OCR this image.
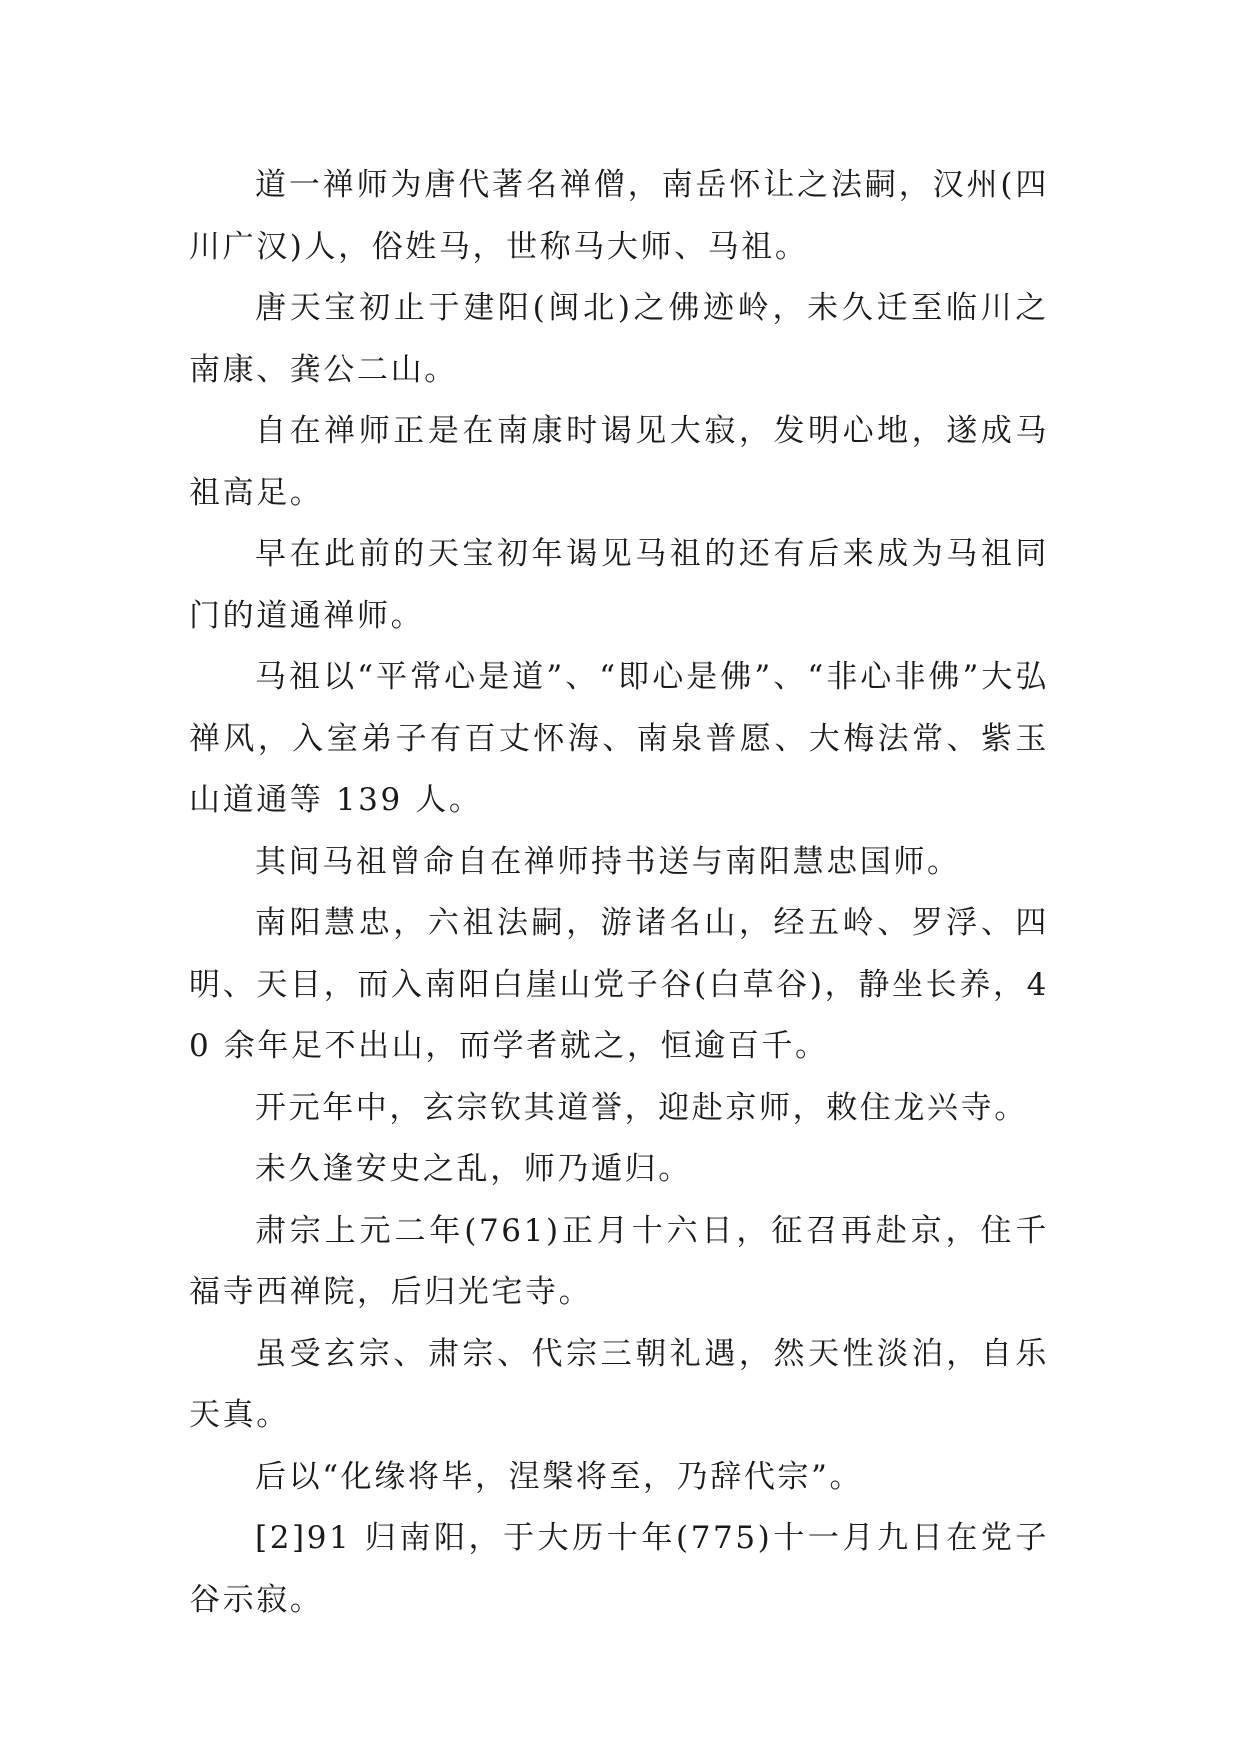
道一禅师为唐代著名禅僧，南岳怀让之法嗣，汉州(四川广汉)人，俗姓马，世称马大师、马祖。

唐天宝初止于建阳(闽北)之佛迹岭，未久迁至临川之南康、龚公二山。

自在禅师正是在南康时谒见大寂，发明心地，遂成马祖高足。

早在此前的天宝初年谒见马祖的还有后来成为马祖同门的道通禅师。

马祖以“平常心是道”、“即心是佛”、“非心非佛”大弘禅风，入室弟子有百丈怀海、南泉普愿、大梅法常、紫玉山道通等 139 人。

其间马祖曾命自在禅师持书送与南阳慧忠国师。

南阳慧忠，六祖法嗣，游诸名山，经五岭、罗浮、四明、天目，而入南阳白崖山党子谷(白草谷)，静坐长养，40 余年足不出山，而学者就之，恒逾百千。

开元年中，玄宗钦其道誉，迎赴京师，敕住龙兴寺。

未久逢安史之乱，师乃遁归。

肃宗上元二年(761)正月十六日，征召再赴京，住千福寺西禅院，后归光宅寺。

虽受玄宗、肃宗、代宗三朝礼遇，然天性淡泊，自乐天真。

后以“化缘将毕，涅槃将至，乃辞代宗”。

[2]91 归南阳，于大历十年(775)十一月九日在党子谷示寂。
